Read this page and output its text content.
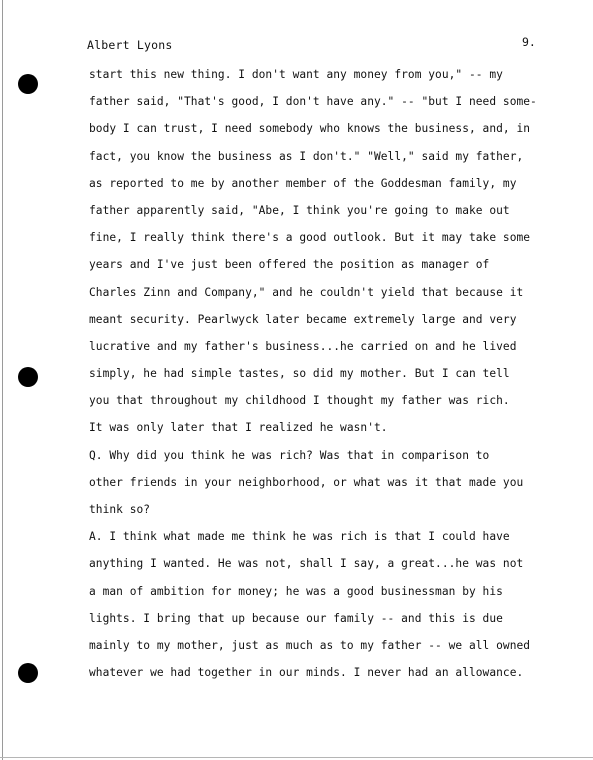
Albert Lyons	9.
start this new thing. I don't want any money from you," -- my
father said, "That's good, I don't have any." -- "but I need some-
body I can trust, I need somebody who knows the business, and, in
fact, you know the business as I don't." "Well," said my father,
as reported to me by another member of the Goddesman family, my
father apparently said, "Abe, I think you're going to make out
fine, I really think there's a good outlook. But it may take some
years and I've just been offered the position as manager of
Charles Zinn and Company," and he couldn't yield that because it
meant security. Pearlwyck later became extremely large and very
lucrative and my father's business...he carried on and he lived
simply, he had simple tastes, so did my mother. But I can tell
you that throughout my childhood I thought my father was rich.
It was only later that I realized he wasn't.
Q. Why did you think he was rich? Was that in comparison to
other friends in your neighborhood, or what was it that made you
think so?
A. I think what made me think he was rich is that I could have
anything I wanted. He was not, shall I say, a great...he was not
a man of ambition for money; he was a good businessman by his
lights. I bring that up because our family -- and this is due
mainly to my mother, just as much as to my father -- we all owned
whatever we had together in our minds. I never had an allowance.
